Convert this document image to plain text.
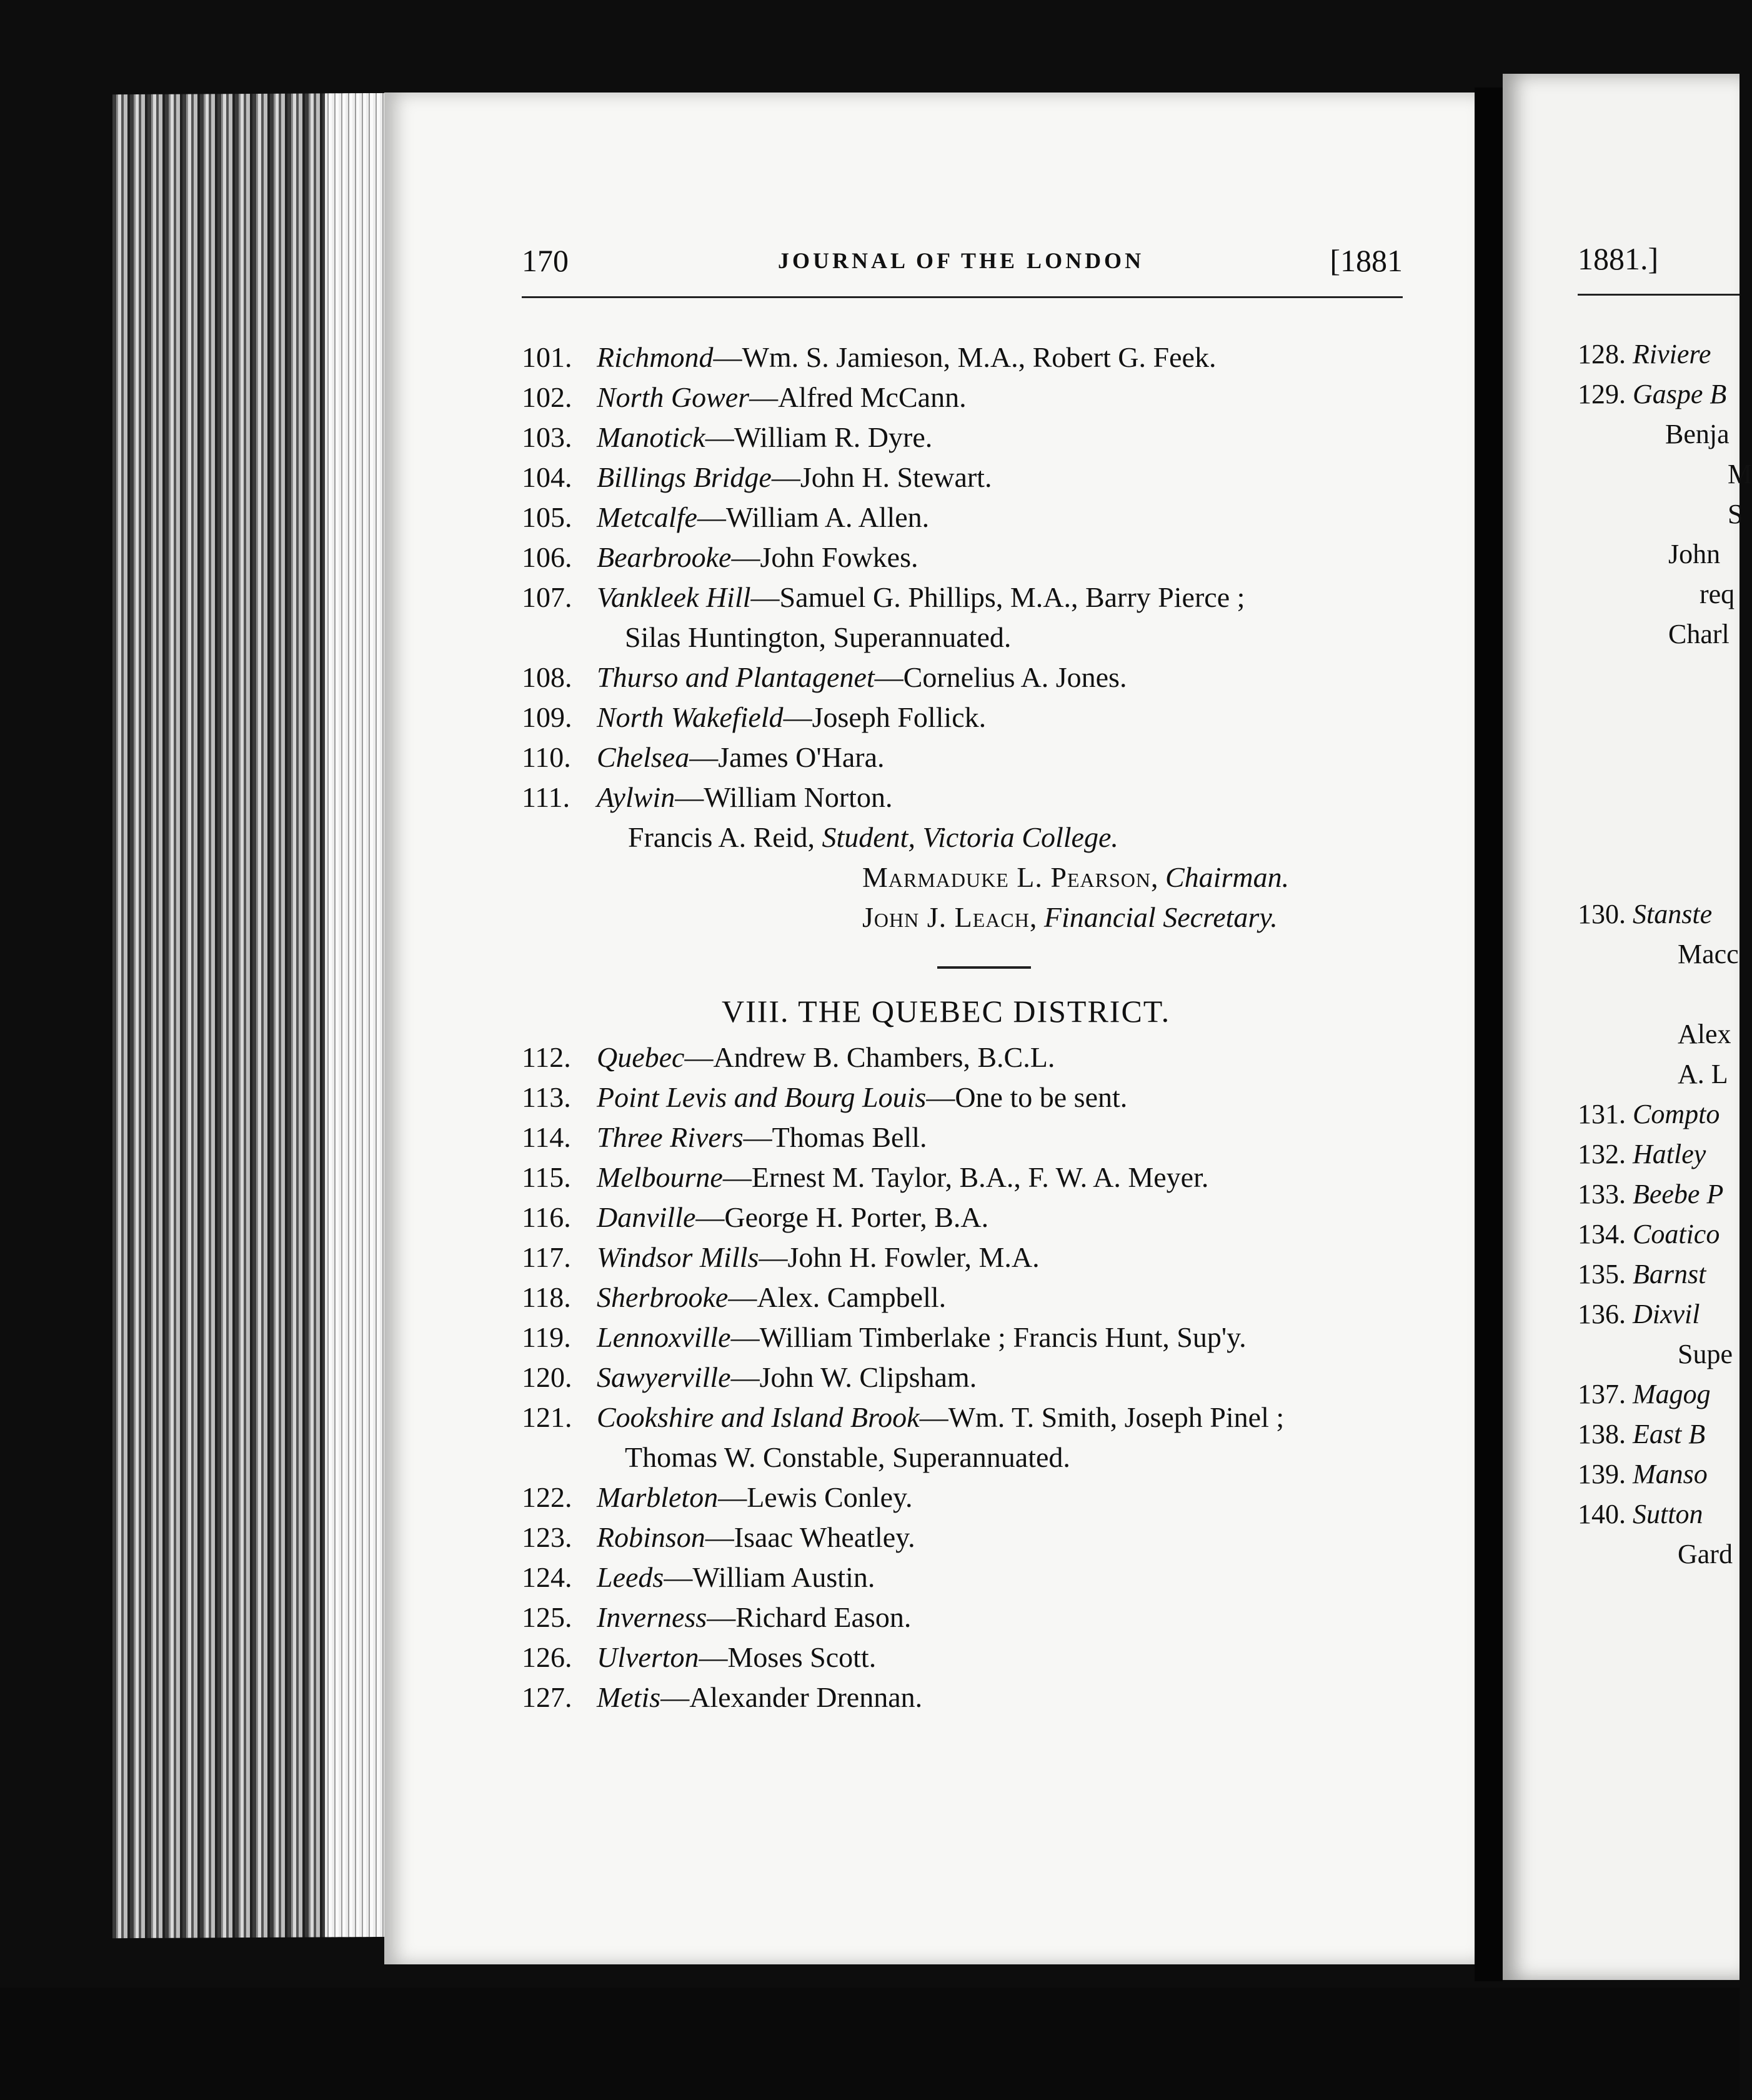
170	JOURNAL OF THE LONDON	[1881
101. Richmond—Wm. S. Jamieson, M.A., Robert G. Feek.
102. North Gower—Alfred McCann.
103. Manotick—William R. Dyre.
104. Billings Bridge—John H. Stewart.
105. Metcalfe—William A. Allen.
106. Bearbrooke—John Fowkes.
107. Vankleek Hill—Samuel G. Phillips, M.A., Barry Pierce ;
Silas Huntington, Superannuated.
108. Thurso and Plantagenet—Cornelius A. Jones.
109. North Wakefield—Joseph Follick.
110. Chelsea—James O'Hara.
111. Aylwin—William Norton.
Francis A. Reid, Student, Victoria College.
Marmaduke L. Pearson, Chairman.
John J. Leach, Financial Secretary.
VIII. THE QUEBEC DISTRICT.
112. Quebec—Andrew B. Chambers, B.C.L.
113. Point Levis and Bourg Louis—One to be sent.
114. Three Rivers—Thomas Bell.
115. Melbourne—Ernest M. Taylor, B.A., F. W. A. Meyer.
116. Danville—George H. Porter, B.A.
117. Windsor Mills—John H. Fowler, M.A.
118. Sherbrooke—Alex. Campbell.
119. Lennoxville—William Timberlake ; Francis Hunt, Sup'y.
120. Sawyerville—John W. Clipsham.
121. Cookshire and Island Brook—Wm. T. Smith, Joseph Pinel ;
Thomas W. Constable, Superannuated.
122. Marbleton—Lewis Conley.
123. Robinson—Isaac Wheatley.
124. Leeds—William Austin.
125. Inverness—Richard Eason.
126. Ulverton—Moses Scott.
127. Metis—Alexander Drennan.
1881.]
128. Riviere
129. Gaspe B
Benja
M
S
John
req
Charl
130. Stanste
Macc
Alex
A. L
131. Compto
132. Hatley
133. Beebe P
134. Coatico
135. Barnst
136. Dixvil
Supe
137. Magog
138. East B
139. Manso
140. Sutton
Gard
